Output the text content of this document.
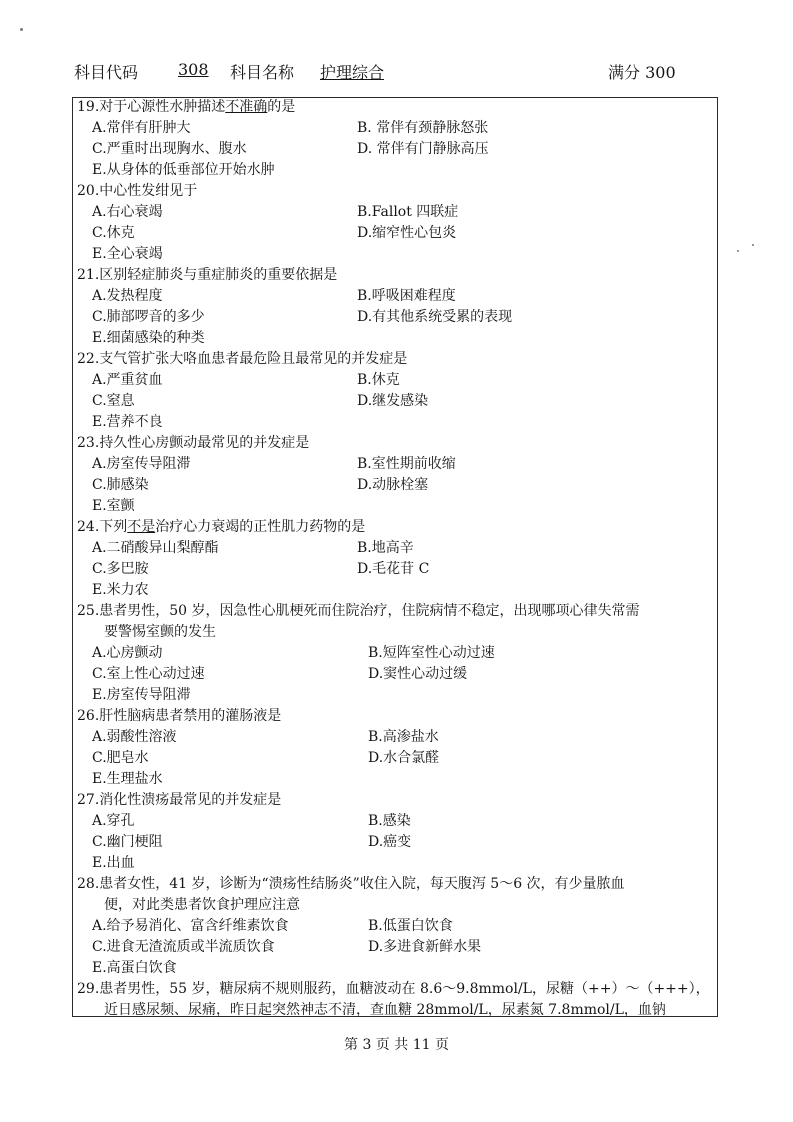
科目代码 308 科目名称 护理综合	满分 300
19.对于心源性水肿描述不准确的是
A.常伴有肝肿大	B. 常伴有颈静脉怒张
C.严重时出现胸水、腹水	D. 常伴有门静脉高压
E.从身体的低垂部位开始水肿
20.中心性发绀见于
A.右心衰竭	B.Fallot 四联症
C.休克	D.缩窄性心包炎
E.全心衰竭
21.区别轻症肺炎与重症肺炎的重要依据是
A.发热程度	B.呼吸困难程度
C.肺部啰音的多少	D.有其他系统受累的表现
E.细菌感染的种类
22.支气管扩张大咯血患者最危险且最常见的并发症是
A.严重贫血	B.休克
C.窒息	D.继发感染
E.营养不良
23.持久性心房颤动最常见的并发症是
A.房室传导阻滞	B.室性期前收缩
C.肺感染	D.动脉栓塞
E.室颤
24.下列不是治疗心力衰竭的正性肌力药物的是
A.二硝酸异山梨醇酯	B.地高辛
C.多巴胺	D.毛花苷 C
E.米力农
25.患者男性，50 岁，因急性心肌梗死而住院治疗，住院病情不稳定，出现哪项心律失常需
要警惕室颤的发生
A.心房颤动	B.短阵室性心动过速
C.室上性心动过速	D.窦性心动过缓
E.房室传导阻滞
26.肝性脑病患者禁用的灌肠液是
A.弱酸性溶液	B.高渗盐水
C.肥皂水	D.水合氯醛
E.生理盐水
27.消化性溃疡最常见的并发症是
A.穿孔	B.感染
C.幽门梗阻	D.癌变
E.出血
28.患者女性，41 岁，诊断为“溃疡性结肠炎”收住入院，每天腹泻 5～6 次，有少量脓血
便，对此类患者饮食护理应注意
A.给予易消化、富含纤维素饮食	B.低蛋白饮食
C.进食无渣流质或半流质饮食	D.多进食新鲜水果
E.高蛋白饮食
29.患者男性，55 岁，糖尿病不规则服药，血糖波动在 8.6～9.8mmol/L，尿糖（++）～（+++），
近日感尿频、尿痛，昨日起突然神志不清，查血糖 28mmol/L，尿素氮 7.8mmol/L，血钠
第 3 页 共 11 页
